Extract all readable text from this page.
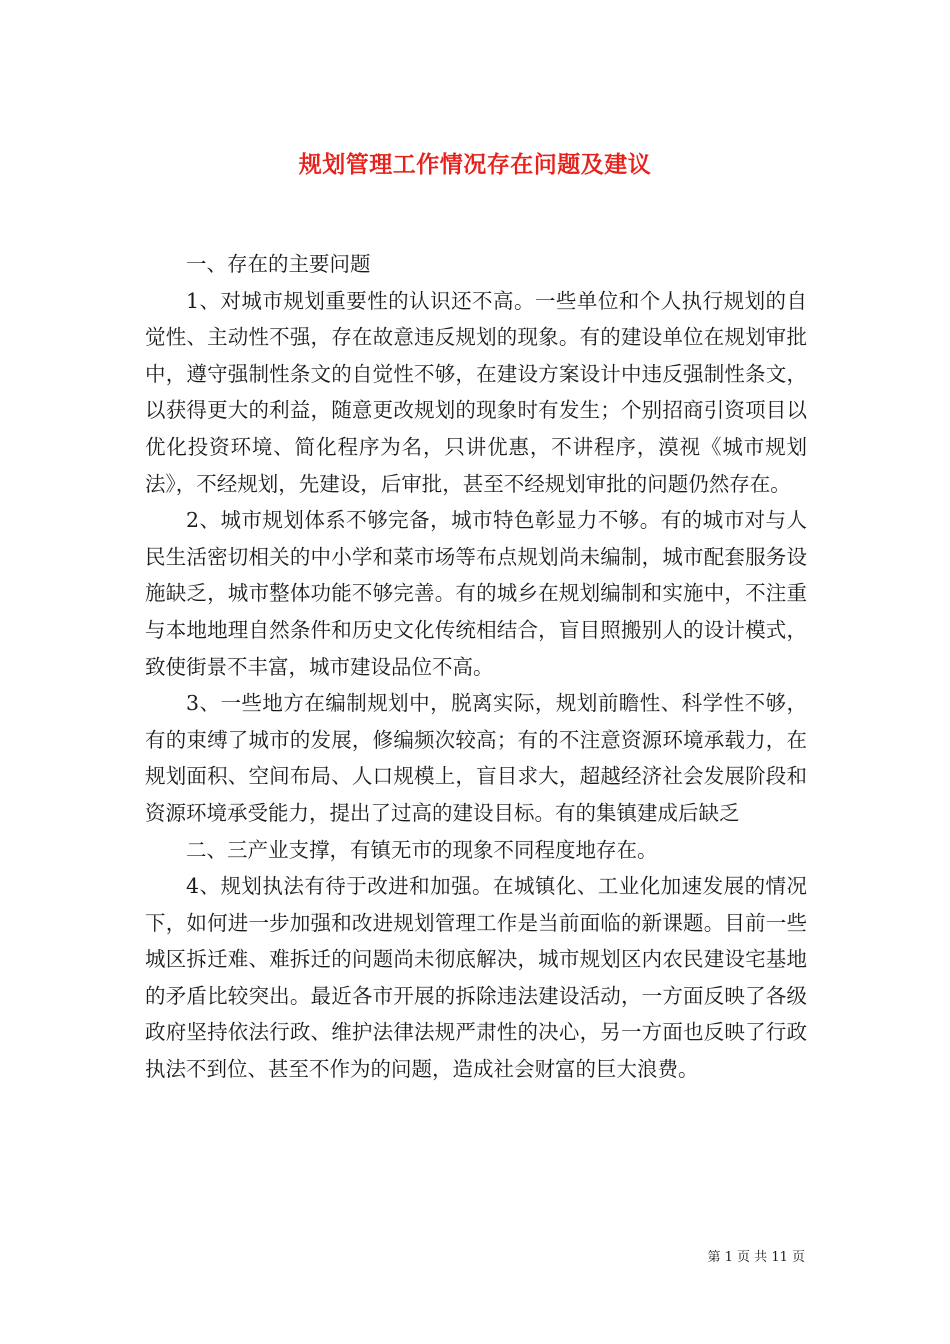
规划管理工作情况存在问题及建议

一、存在的主要问题

1、对城市规划重要性的认识还不高。一些单位和个人执行规划的自觉性、主动性不强，存在故意违反规划的现象。有的建设单位在规划审批中，遵守强制性条文的自觉性不够，在建设方案设计中违反强制性条文，以获得更大的利益，随意更改规划的现象时有发生；个别招商引资项目以优化投资环境、简化程序为名，只讲优惠，不讲程序，漠视《城市规划法》，不经规划，先建设，后审批，甚至不经规划审批的问题仍然存在。

2、城市规划体系不够完备，城市特色彰显力不够。有的城市对与人民生活密切相关的中小学和菜市场等布点规划尚未编制，城市配套服务设施缺乏，城市整体功能不够完善。有的城乡在规划编制和实施中，不注重与本地地理自然条件和历史文化传统相结合，盲目照搬别人的设计模式，致使街景不丰富，城市建设品位不高。

3、一些地方在编制规划中，脱离实际，规划前瞻性、科学性不够，有的束缚了城市的发展，修编频次较高；有的不注意资源环境承载力，在规划面积、空间布局、人口规模上，盲目求大，超越经济社会发展阶段和资源环境承受能力，提出了过高的建设目标。有的集镇建成后缺乏

二、三产业支撑，有镇无市的现象不同程度地存在。

4、规划执法有待于改进和加强。在城镇化、工业化加速发展的情况下，如何进一步加强和改进规划管理工作是当前面临的新课题。目前一些城区拆迁难、难拆迁的问题尚未彻底解决，城市规划区内农民建设宅基地的矛盾比较突出。最近各市开展的拆除违法建设活动，一方面反映了各级政府坚持依法行政、维护法律法规严肃性的决心，另一方面也反映了行政执法不到位、甚至不作为的问题，造成社会财富的巨大浪费。

第 1 页 共 11 页
